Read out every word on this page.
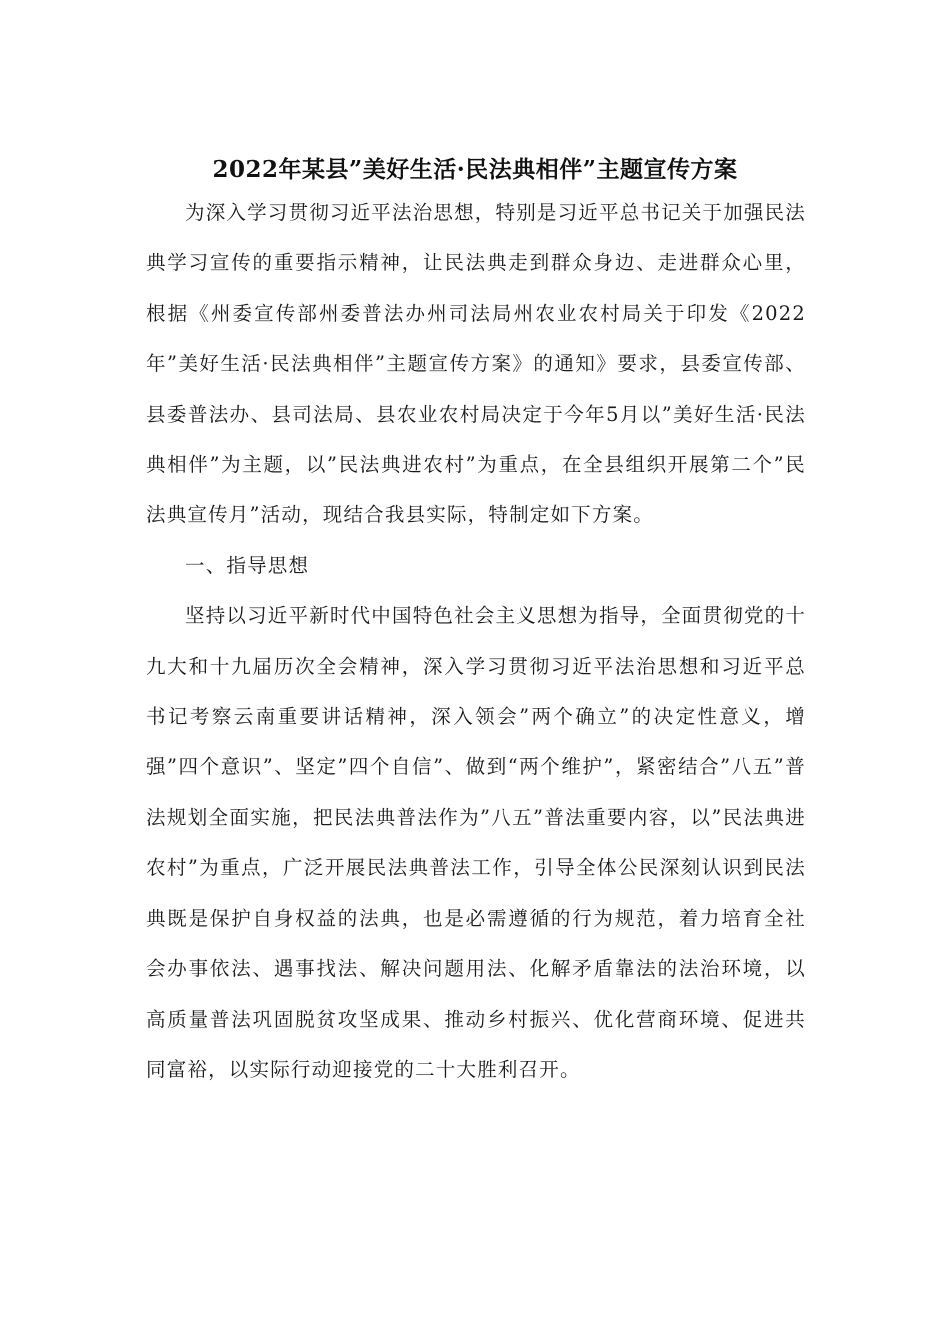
2022年某县”美好生活·民法典相伴”主题宣传方案

为深入学习贯彻习近平法治思想，特别是习近平总书记关于加强民法典学习宣传的重要指示精神，让民法典走到群众身边、走进群众心里，根据《州委宣传部州委普法办州司法局州农业农村局关于印发《2022年”美好生活·民法典相伴”主题宣传方案》的通知》要求，县委宣传部、县委普法办、县司法局、县农业农村局决定于今年5月以”美好生活·民法典相伴”为主题，以”民法典进农村”为重点，在全县组织开展第二个”民法典宣传月”活动，现结合我县实际，特制定如下方案。

一、指导思想

坚持以习近平新时代中国特色社会主义思想为指导，全面贯彻党的十九大和十九届历次全会精神，深入学习贯彻习近平法治思想和习近平总书记考察云南重要讲话精神，深入领会”两个确立”的决定性意义，增强”四个意识”、坚定”四个自信”、做到“两个维护”，紧密结合”八五”普法规划全面实施，把民法典普法作为”八五”普法重要内容，以”民法典进农村”为重点，广泛开展民法典普法工作，引导全体公民深刻认识到民法典既是保护自身权益的法典，也是必需遵循的行为规范，着力培育全社会办事依法、遇事找法、解决问题用法、化解矛盾靠法的法治环境，以高质量普法巩固脱贫攻坚成果、推动乡村振兴、优化营商环境、促进共同富裕，以实际行动迎接党的二十大胜利召开。
